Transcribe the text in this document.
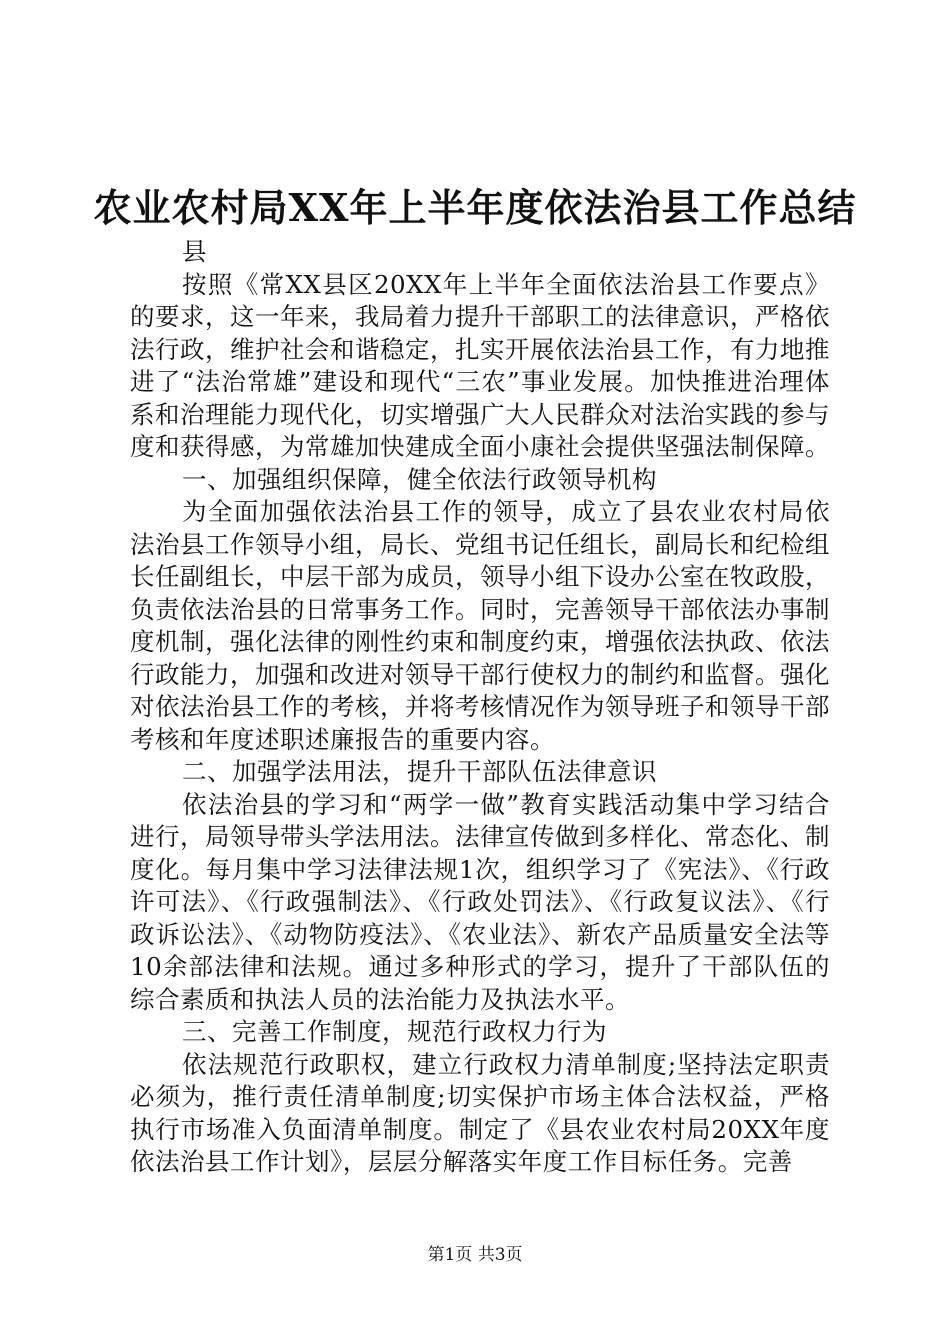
农业农村局XX年上半年度依法治县工作总结

县

按照《常XX县区20XX年上半年全面依法治县工作要点》的要求，这一年来，我局着力提升干部职工的法律意识，严格依法行政，维护社会和谐稳定，扎实开展依法治县工作，有力地推进了“法治常雄”建设和现代“三农”事业发展。加快推进治理体系和治理能力现代化，切实增强广大人民群众对法治实践的参与度和获得感，为常雄加快建成全面小康社会提供坚强法制保障。

一、加强组织保障，健全依法行政领导机构

为全面加强依法治县工作的领导，成立了县农业农村局依法治县工作领导小组，局长、党组书记任组长，副局长和纪检组长任副组长，中层干部为成员，领导小组下设办公室在牧政股，负责依法治县的日常事务工作。同时，完善领导干部依法办事制度机制，强化法律的刚性约束和制度约束，增强依法执政、依法行政能力，加强和改进对领导干部行使权力的制约和监督。强化对依法治县工作的考核，并将考核情况作为领导班子和领导干部考核和年度述职述廉报告的重要内容。

二、加强学法用法，提升干部队伍法律意识

依法治县的学习和“两学一做”教育实践活动集中学习结合进行，局领导带头学法用法。法律宣传做到多样化、常态化、制度化。每月集中学习法律法规1次，组织学习了《宪法》、《行政许可法》、《行政强制法》、《行政处罚法》、《行政复议法》、《行政诉讼法》、《动物防疫法》、《农业法》、新农产品质量安全法等10余部法律和法规。通过多种形式的学习，提升了干部队伍的综合素质和执法人员的法治能力及执法水平。

三、完善工作制度，规范行政权力行为

依法规范行政职权，建立行政权力清单制度;坚持法定职责必须为，推行责任清单制度;切实保护市场主体合法权益，严格执行市场准入负面清单制度。制定了《县农业农村局20XX年度依法治县工作计划》，层层分解落实年度工作目标任务。完善

第1页 共3页
